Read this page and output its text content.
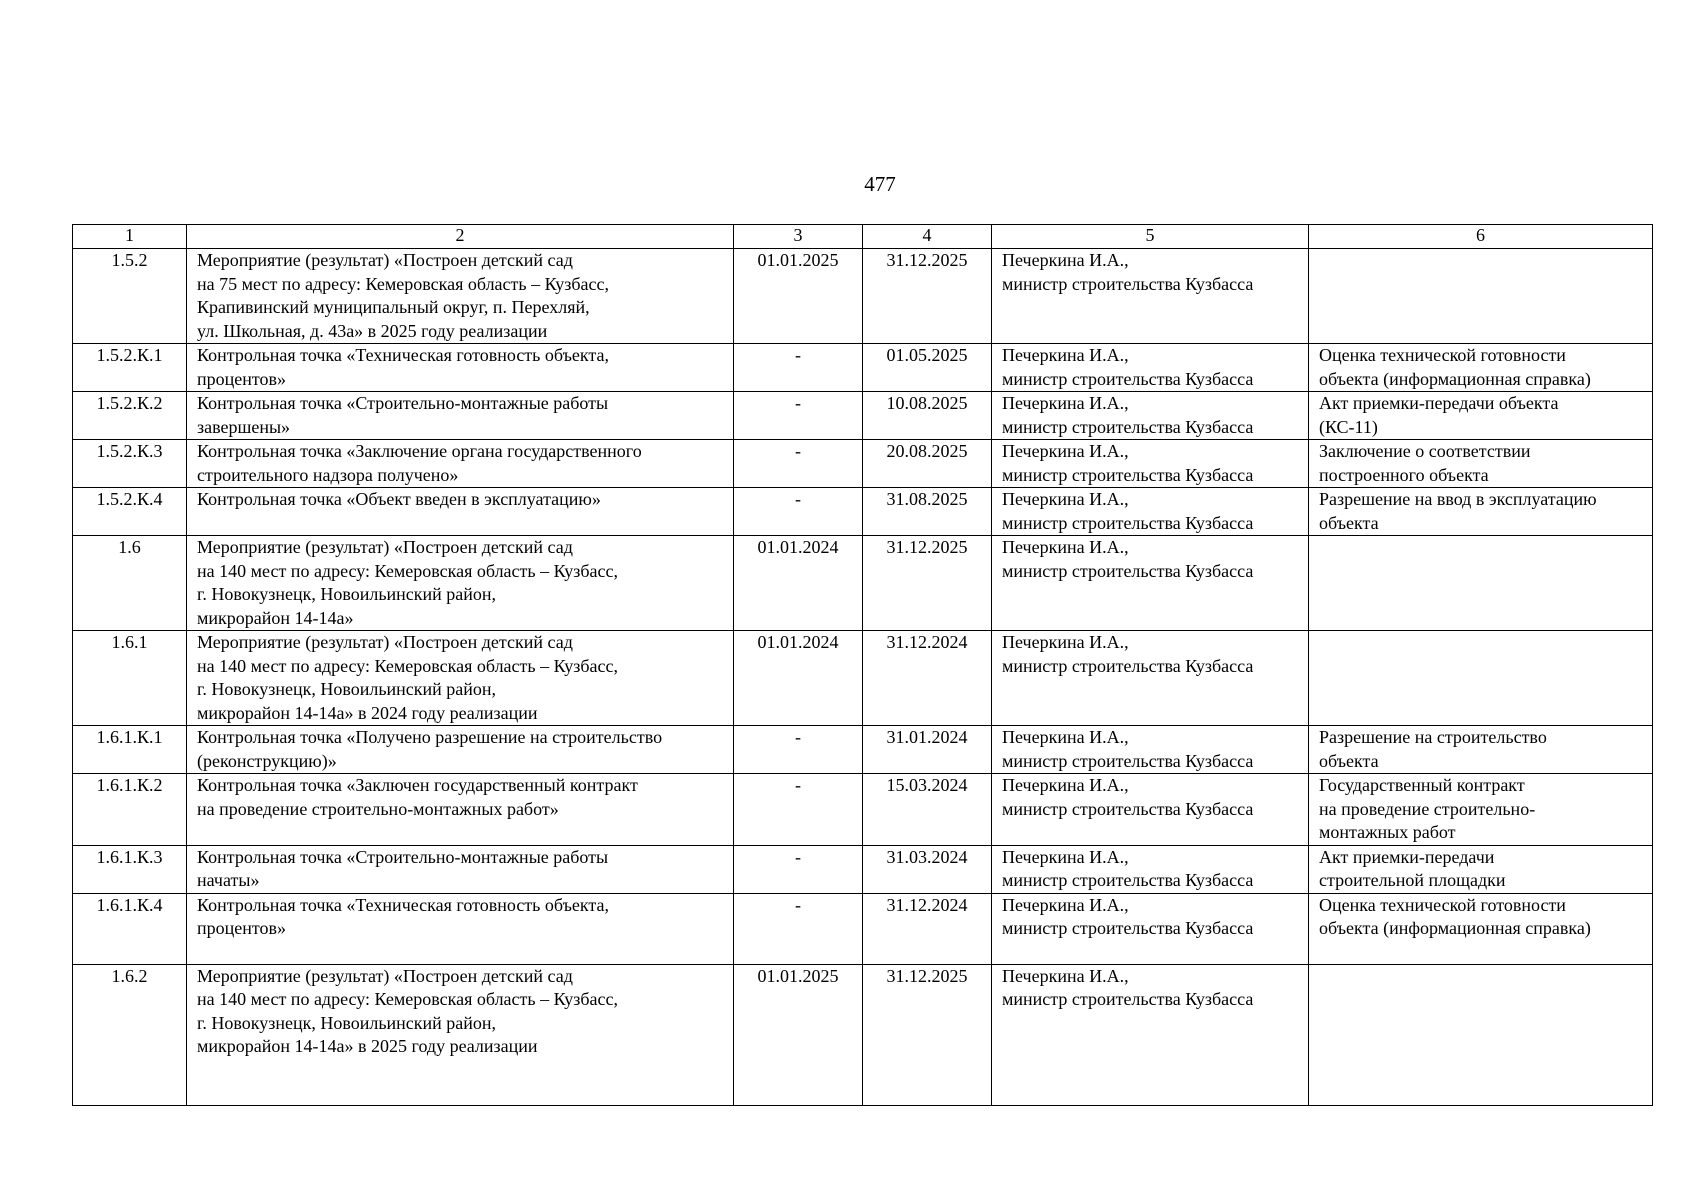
477
1	2	3	4	5	6
1.5.2	Мероприятие (результат) «Построен детский сад
на 75 мест по адресу: Кемеровская область – Кузбасс,
Крапивинский муниципальный округ, п. Перехляй,
ул. Школьная, д. 43а» в 2025 году реализации	01.01.2025	31.12.2025	Печеркина И.А.,
министр строительства Кузбасса	
1.5.2.К.1	Контрольная точка «Техническая готовность объекта,
процентов»	-	01.05.2025	Печеркина И.А.,
министр строительства Кузбасса	Оценка технической готовности
объекта (информационная справка)
1.5.2.К.2	Контрольная точка «Строительно-монтажные работы
завершены»	-	10.08.2025	Печеркина И.А.,
министр строительства Кузбасса	Акт приемки-передачи объекта
(КС-11)
1.5.2.К.3	Контрольная точка «Заключение органа государственного
строительного надзора получено»	-	20.08.2025	Печеркина И.А.,
министр строительства Кузбасса	Заключение о соответствии
построенного объекта
1.5.2.К.4	Контрольная точка «Объект введен в эксплуатацию»	-	31.08.2025	Печеркина И.А.,
министр строительства Кузбасса	Разрешение на ввод в эксплуатацию
объекта
1.6	Мероприятие (результат) «Построен детский сад
на 140 мест по адресу: Кемеровская область – Кузбасс,
г. Новокузнецк, Новоильинский район,
микрорайон 14-14а»	01.01.2024	31.12.2025	Печеркина И.А.,
министр строительства Кузбасса	
1.6.1	Мероприятие (результат) «Построен детский сад
на 140 мест по адресу: Кемеровская область – Кузбасс,
г. Новокузнецк, Новоильинский район,
микрорайон 14-14а» в 2024 году реализации	01.01.2024	31.12.2024	Печеркина И.А.,
министр строительства Кузбасса	
1.6.1.К.1	Контрольная точка «Получено разрешение на строительство
(реконструкцию)»	-	31.01.2024	Печеркина И.А.,
министр строительства Кузбасса	Разрешение на строительство
объекта
1.6.1.К.2	Контрольная точка «Заключен государственный контракт
на проведение строительно-монтажных работ»	-	15.03.2024	Печеркина И.А.,
министр строительства Кузбасса	Государственный контракт
на проведение строительно-
монтажных работ
1.6.1.К.3	Контрольная точка «Строительно-монтажные работы
начаты»	-	31.03.2024	Печеркина И.А.,
министр строительства Кузбасса	Акт приемки-передачи
строительной площадки
1.6.1.К.4	Контрольная точка «Техническая готовность объекта,
процентов»	-	31.12.2024	Печеркина И.А.,
министр строительства Кузбасса	Оценка технической готовности
объекта (информационная справка)
1.6.2	Мероприятие (результат) «Построен детский сад
на 140 мест по адресу: Кемеровская область – Кузбасс,
г. Новокузнецк, Новоильинский район,
микрорайон 14-14а» в 2025 году реализации	01.01.2025	31.12.2025	Печеркина И.А.,
министр строительства Кузбасса	
